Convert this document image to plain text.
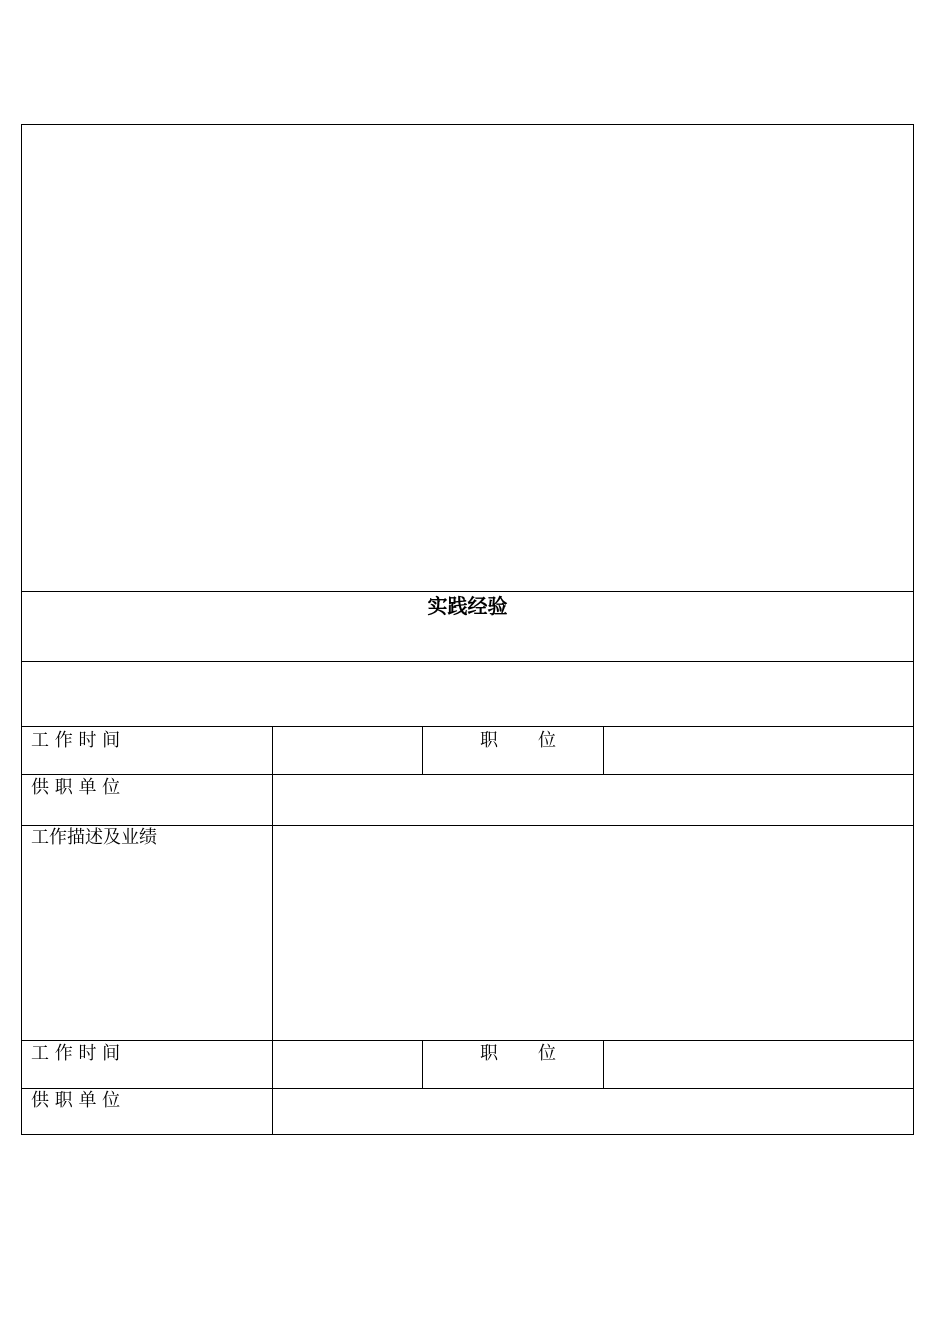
实践经验
工 作 时 间	职       位
供 职 单 位
工作描述及业绩
工 作 时 间	职       位
供 职 单 位
